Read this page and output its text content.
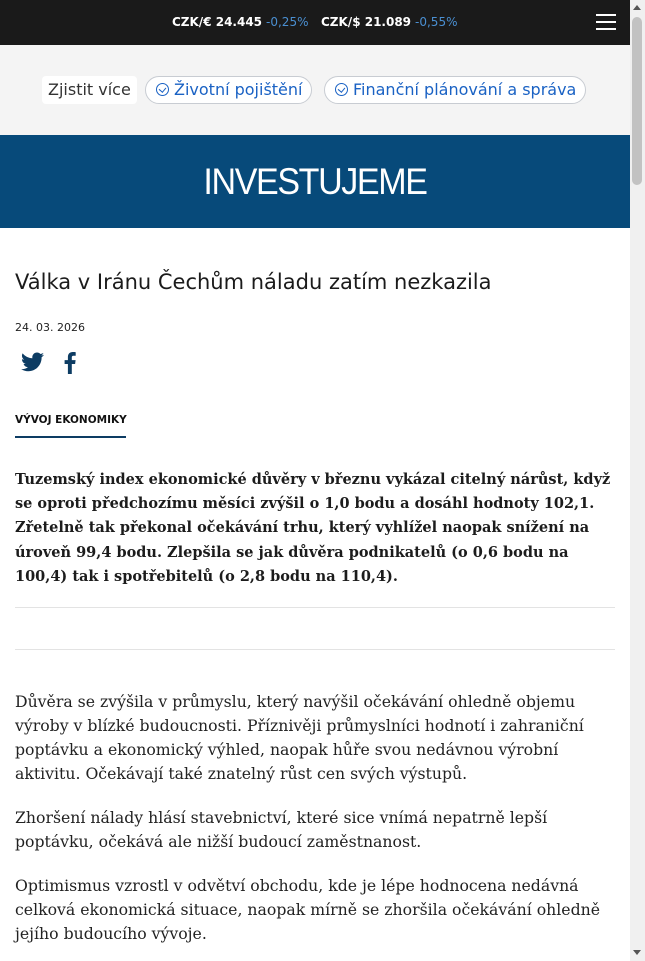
CZK/€ 24.445 -0,25% CZK/$ 21.089 -0,55%
Zjistit více	Životní pojištění	Finanční plánování a správa
INVESTUJEME
Válka v Iránu Čechům náladu zatím nezkazila
24. 03. 2026
VÝVOJ EKONOMIKY

Tuzemský index ekonomické důvěry v březnu vykázal citelný nárůst, když se oproti předchozímu měsíci zvýšil o 1,0 bodu a dosáhl hodnoty 102,1. Zřetelně tak překonal očekávání trhu, který vyhlížel naopak snížení na úroveň 99,4 bodu. Zlepšila se jak důvěra podnikatelů (o 0,6 bodu na 100,4) tak i spotřebitelů (o 2,8 bodu na 110,4).

Důvěra se zvýšila v průmyslu, který navýšil očekávání ohledně objemu výroby v blízké budoucnosti. Příznivěji průmyslníci hodnotí i zahraniční poptávku a ekonomický výhled, naopak hůře svou nedávnou výrobní aktivitu. Očekávají také znatelný růst cen svých výstupů.

Zhoršení nálady hlásí stavebnictví, které sice vnímá nepatrně lepší poptávku, očekává ale nižší budoucí zaměstnanost.

Optimismus vzrostl v odvětví obchodu, kde je lépe hodnocena nedávná celková ekonomická situace, naopak mírně se zhoršila očekávání ohledně jejího budoucího vývoje.
